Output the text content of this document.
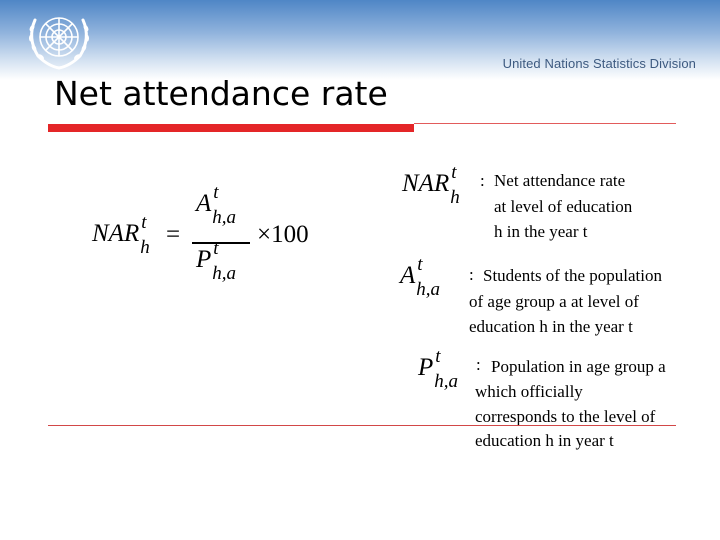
United Nations Statistics Division
Net attendance rate
NAR t
h =
A t
h,a
P t
h,a
×100
NAR t
h
: Net attendance rate
at level of education
h in the year t
A t
h,a
: Students of the population
of age group a at level of
education h in the year t
P t
h,a
: Population in age group a
which officially
corresponds to the level of
education h in year t
